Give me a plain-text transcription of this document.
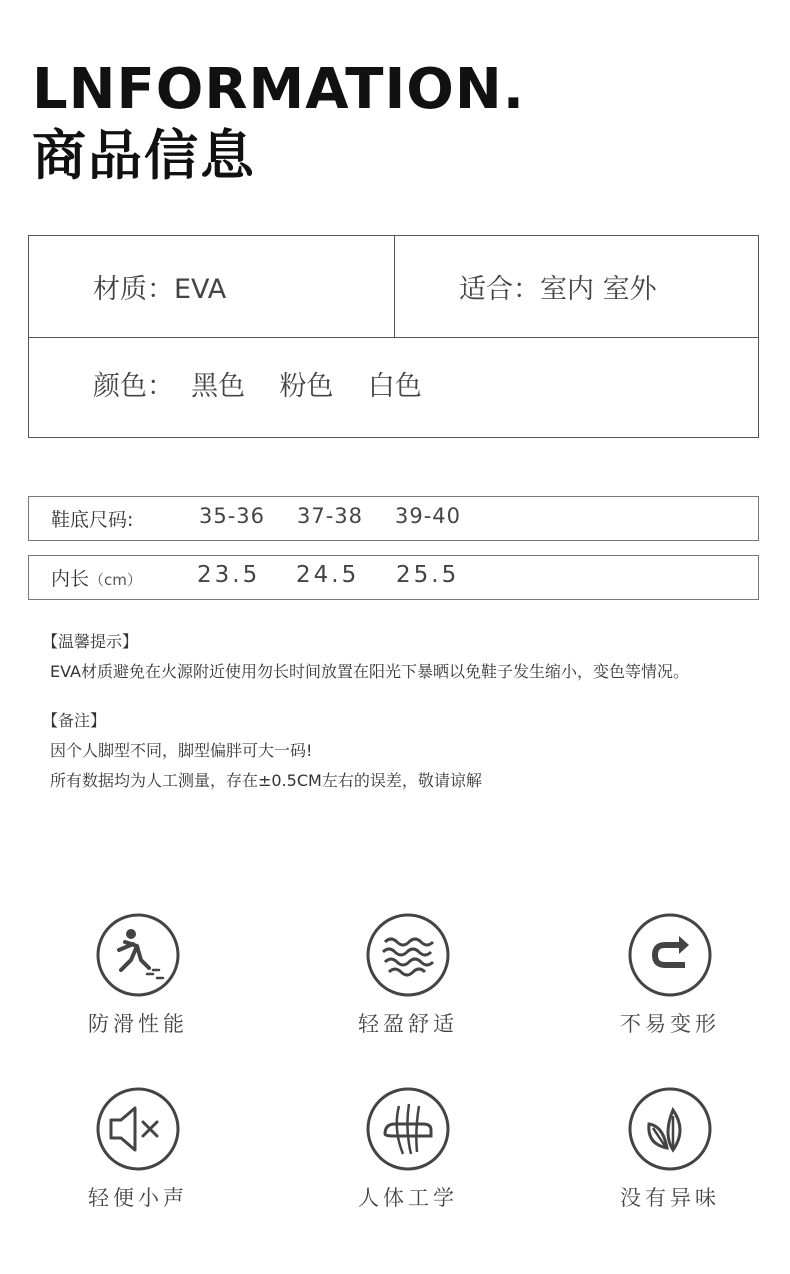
LNFORMATION.
商品信息
材质：EVA	适合：室内 室外
颜色：  黑色    粉色    白色
鞋底尺码:	35-36 37-38 39-40
内长（cm） 23.5 24.5 25.5
【温馨提示】
EVA材质避免在火源附近使用勿长时间放置在阳光下暴晒以免鞋子发生缩小，变色等情况。
【备注】
因个人脚型不同，脚型偏胖可大一码!
所有数据均为人工测量，存在±0.5CM左右的误差，敬请谅解
防滑性能	轻盈舒适	不易变形
轻便小声	人体工学	没有异味
